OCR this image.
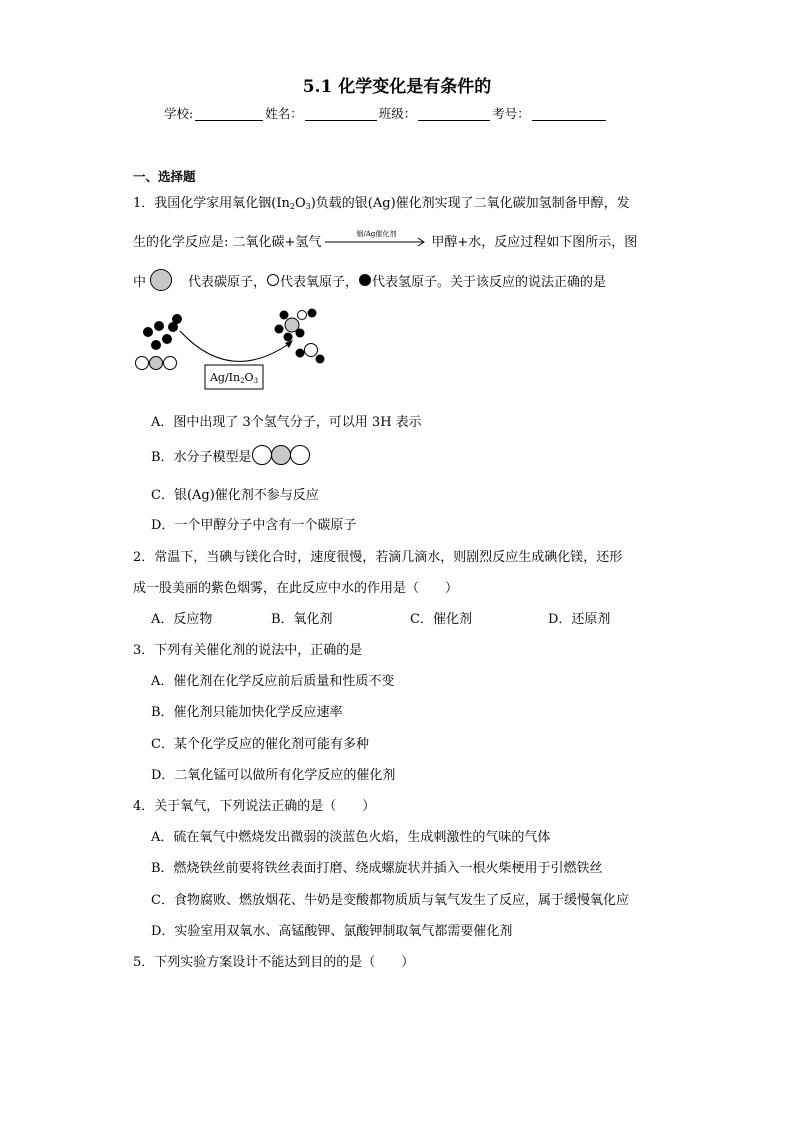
5.1 化学变化是有条件的
学校:	姓名：	班级：	考号：
一、选择题
1．我国化学家用氧化铟$(In_2O_3)$负载的银(Ag)催化剂实现了二氧化碳加氢制备甲醇，发
生的化学反应是: 二氧化碳+氢气
铟/Ag催化剂
甲醇+水，反应过程如下图所示，图
中	代表碳原子， 代表氧原子， 代表氢原子。关于该反应的说法正确的是
$Ag/In_2O_3$
A．图中出现了 3个氢气分子，可以用 3H 表示
B．水分子模型是
C．银(Ag)催化剂不参与反应
D．一个甲醇分子中含有一个碳原子
2．常温下，当碘与镁化合时，速度很慢，若滴几滴水，则剧烈反应生成碘化镁，还形
成一股美丽的紫色烟雾，在此反应中水的作用是（　　）
A．反应物	B．氧化剂	C．催化剂	D．还原剂
3．下列有关催化剂的说法中，正确的是
A．催化剂在化学反应前后质量和性质不变
B．催化剂只能加快化学反应速率
C．某个化学反应的催化剂可能有多种
D．二氧化锰可以做所有化学反应的催化剂
4．关于氧气，下列说法正确的是（　　）
A．硫在氧气中燃烧发出微弱的淡蓝色火焰，生成刺激性的气味的气体
B．燃烧铁丝前要将铁丝表面打磨、绕成螺旋状并插入一根火柴梗用于引燃铁丝
C．食物腐败、燃放烟花、牛奶是变酸都物质质与氧气发生了反应，属于缓慢氧化应
D．实验室用双氧水、高锰酸钾、氯酸钾制取氧气都需要催化剂
5．下列实验方案设计不能达到目的的是（　　）
